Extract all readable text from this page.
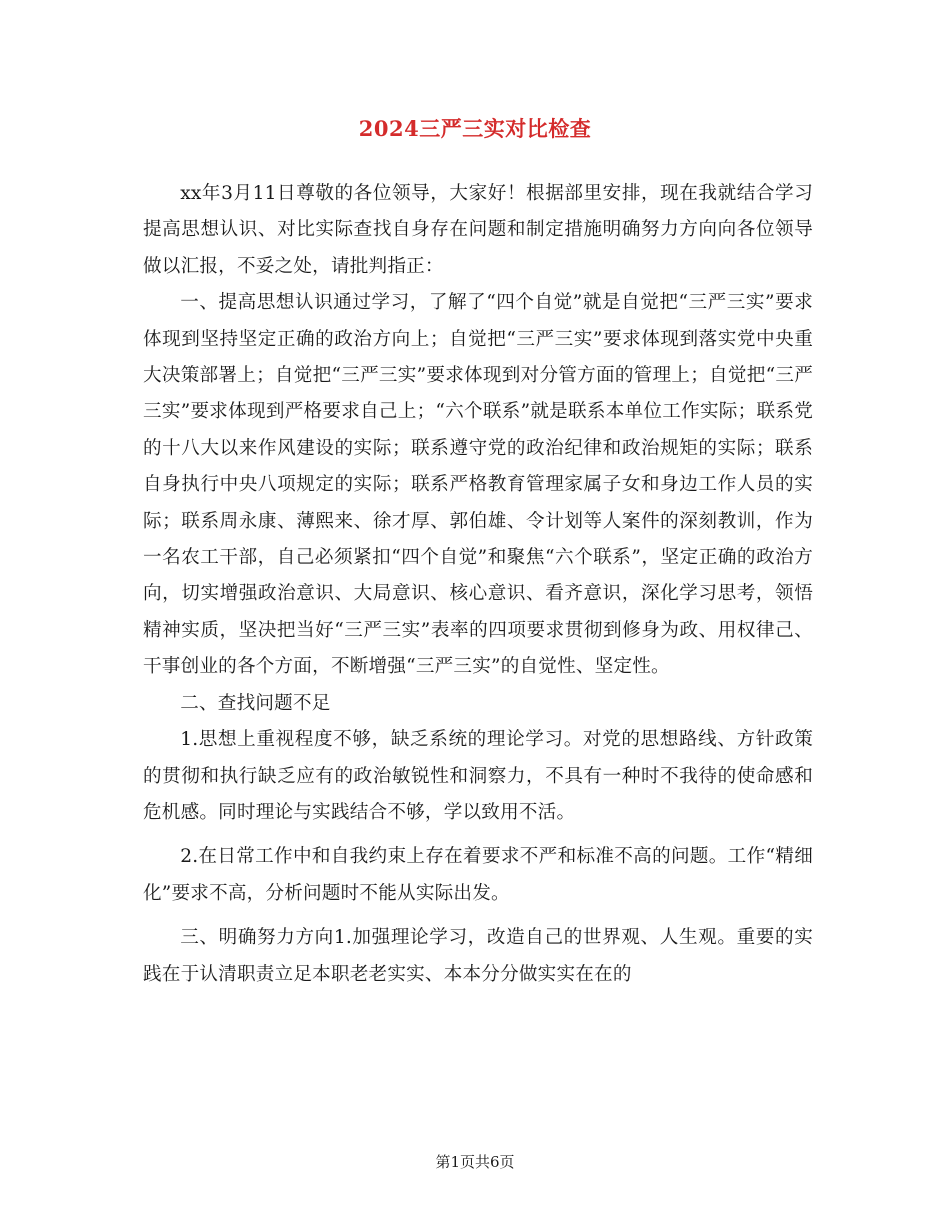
2024三严三实对比检查

xx年3月11日尊敬的各位领导，大家好！根据部里安排，现在我就结合学习提高思想认识、对比实际查找自身存在问题和制定措施明确努力方向向各位领导做以汇报，不妥之处，请批判指正：

一、提高思想认识通过学习，了解了“四个自觉”就是自觉把“三严三实”要求体现到坚持坚定正确的政治方向上；自觉把“三严三实”要求体现到落实党中央重大决策部署上；自觉把“三严三实”要求体现到对分管方面的管理上；自觉把“三严三实”要求体现到严格要求自己上；“六个联系”就是联系本单位工作实际；联系党的十八大以来作风建设的实际；联系遵守党的政治纪律和政治规矩的实际；联系自身执行中央八项规定的实际；联系严格教育管理家属子女和身边工作人员的实际；联系周永康、薄熙来、徐才厚、郭伯雄、令计划等人案件的深刻教训，作为一名农工干部，自己必须紧扣“四个自觉”和聚焦“六个联系”，坚定正确的政治方向，切实增强政治意识、大局意识、核心意识、看齐意识，深化学习思考，领悟精神实质，坚决把当好“三严三实”表率的四项要求贯彻到修身为政、用权律己、干事创业的各个方面，不断增强“三严三实”的自觉性、坚定性。

二、查找问题不足

1.思想上重视程度不够，缺乏系统的理论学习。对党的思想路线、方针政策的贯彻和执行缺乏应有的政治敏锐性和洞察力，不具有一种时不我待的使命感和危机感。同时理论与实践结合不够，学以致用不活。

2.在日常工作中和自我约束上存在着要求不严和标准不高的问题。工作“精细化”要求不高，分析问题时不能从实际出发。

三、明确努力方向1.加强理论学习，改造自己的世界观、人生观。重要的实践在于认清职责立足本职老老实实、本本分分做实实在在的

第1页共6页
